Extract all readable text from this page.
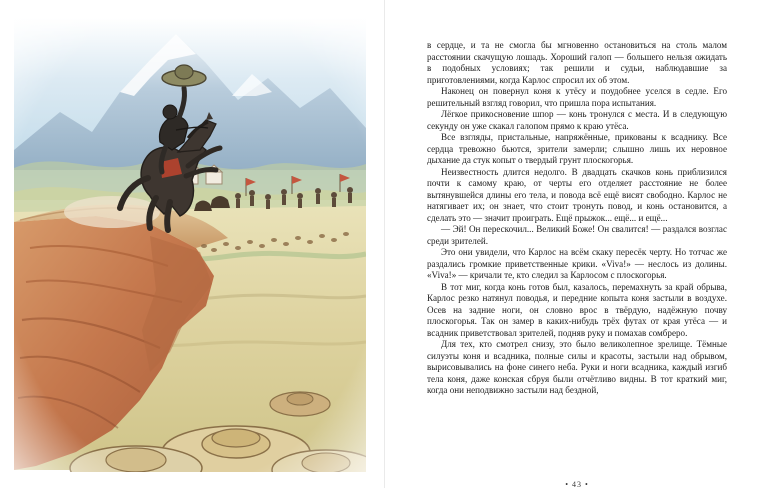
в сердце, и та не смогла бы мгновенно остановиться на столь малом расстоянии скачущую лошадь. Хороший галоп — большего нельзя ожидать в подобных условиях; так решили и судьи, наблюдавшие за приготовлениями, когда Карлос спросил их об этом.

Наконец он повернул коня к утёсу и поудобнее уселся в седле. Его решительный взгляд говорил, что пришла пора испытания.

Лёгкое прикосновение шпор — конь тронулся с места. И в следующую секунду он уже скакал галопом прямо к краю утёса.

Все взгляды, пристальные, напряжённые, прикованы к всаднику. Все сердца тревожно бьются, зрители замерли; слышно лишь их неровное дыхание да стук копыт о твердый грунт плоскогорья.

Неизвестность длится недолго. В двадцать скачков конь приблизился почти к самому краю, от черты его отделяет расстояние не более вытянувшейся длины его тела, и повода всё ещё висят свободно. Карлос не натягивает их; он знает, что стоит тронуть повод, и конь остановится, а сделать это — значит проиграть. Ещё прыжок... ещё... и ещё...

— Эй! Он перескочил... Великий Боже! Он свалится! — раздался возглас среди зрителей.

Это они увидели, что Карлос на всём скаку пересёк черту. Но тотчас же раздались громкие приветственные крики. «Viva!» — неслось из долины. «Viva!» — кричали те, кто следил за Карлосом с плоскогорья.

В тот миг, когда конь готов был, казалось, перемахнуть за край обрыва, Карлос резко натянул поводья, и передние копыта коня застыли в воздухе. Осев на задние ноги, он словно врос в твёрдую, надёжную почву плоскогорья. Так он замер в каких-нибудь трёх футах от края утёса — и всадник приветствовал зрителей, подняв руку и помахав сомбреро.

Для тех, кто смотрел снизу, это было великолепное зрелище. Тёмные силуэты коня и всадника, полные силы и красоты, застыли над обрывом, вырисовывались на фоне синего неба. Руки и ноги всадника, каждый изгиб тела коня, даже конская сбруя были отчётливо видны. В тот краткий миг, когда они неподвижно застыли над бездной,

• 43 •
